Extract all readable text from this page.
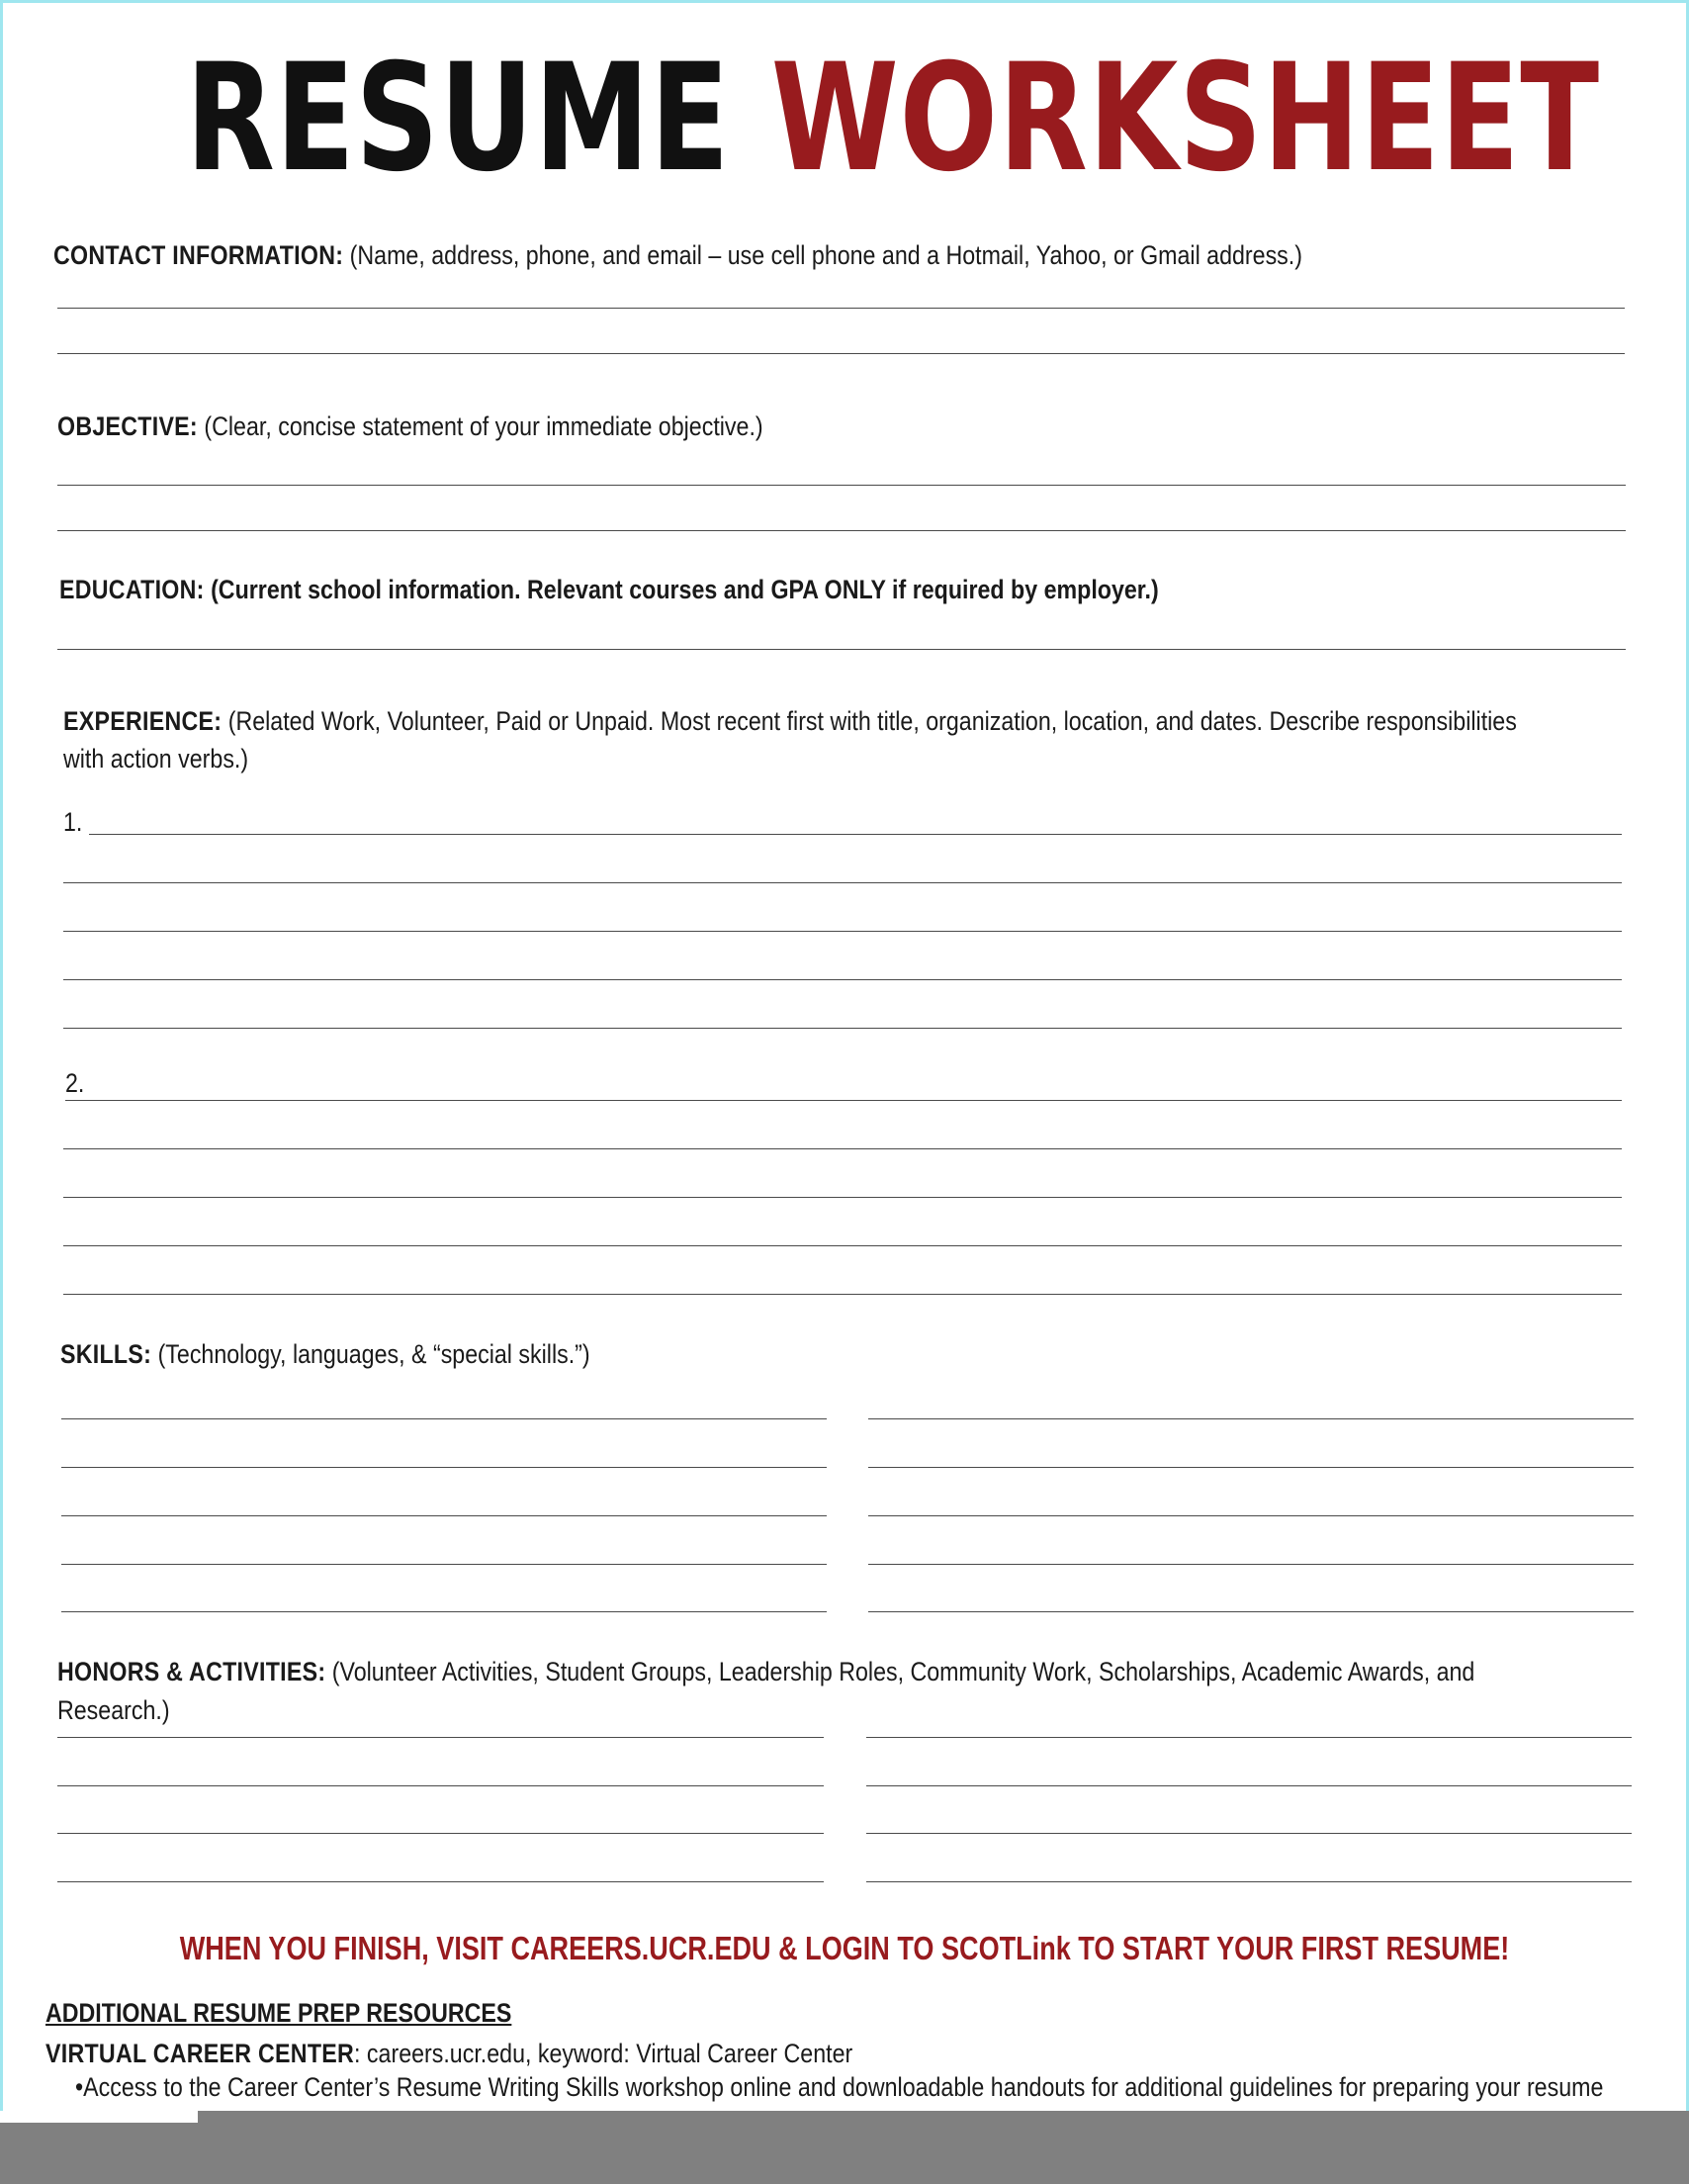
RESUME WORKSHEET
CONTACT INFORMATION: (Name, address, phone, and email – use cell phone and a Hotmail, Yahoo, or Gmail address.)
OBJECTIVE: (Clear, concise statement of your immediate objective.)
EDUCATION: (Current school information. Relevant courses and GPA ONLY if required by employer.)
EXPERIENCE: (Related Work, Volunteer, Paid or Unpaid. Most recent first with title, organization, location, and dates. Describe responsibilities
with action verbs.)
1.
2.
SKILLS: (Technology, languages, & “special skills.”)
HONORS & ACTIVITIES: (Volunteer Activities, Student Groups, Leadership Roles, Community Work, Scholarships, Academic Awards, and
Research.)
WHEN YOU FINISH, VISIT CAREERS.UCR.EDU & LOGIN TO SCOTLink TO START YOUR FIRST RESUME!
ADDITIONAL RESUME PREP RESOURCES
VIRTUAL CAREER CENTER: careers.ucr.edu, keyword: Virtual Career Center
•Access to the Career Center’s Resume Writing Skills workshop online and downloadable handouts for additional guidelines for preparing your resume
